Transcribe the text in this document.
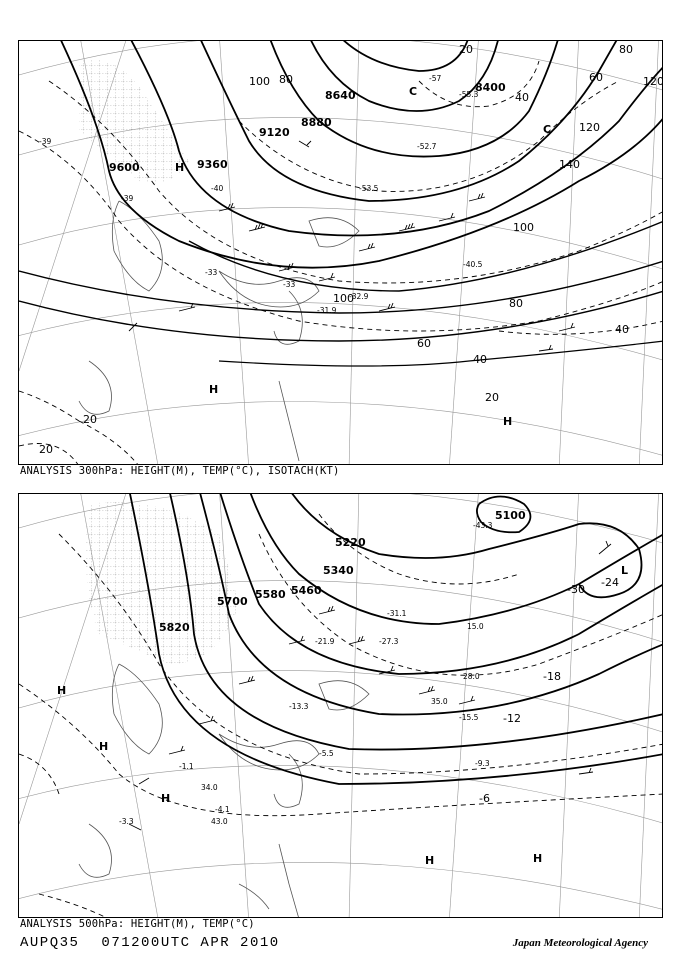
9600	9360
9120
8880
8640
8400
140
120
100
100	80
80
60
40
40
20
20
20
20
40
60
80
100	120
-40
-39
-39
-33
-33
-31.9
-32.9
-40.5
-52.7
-53.5
-57
-55.3
H
H
H
C
C
ANALYSIS 300hPa: HEIGHT(M), TEMP(°C), ISOTACH(KT)
5100
5220
5340
5460
5580
5700
5820
-30
-24
-18
-12
-6
-43.3
-31.1
-27.3
-21.9
-15.5
-13.3
-9.3
-5.5
-4.1
-3.3
-1.1
15.0
28.0
35.0
43.0
34.0
H
H
H
H	H
L
ANALYSIS 500hPa: HEIGHT(M), TEMP(°C)
AUPQ35 071200UTC APR 2010	Japan Meteorological Agency
